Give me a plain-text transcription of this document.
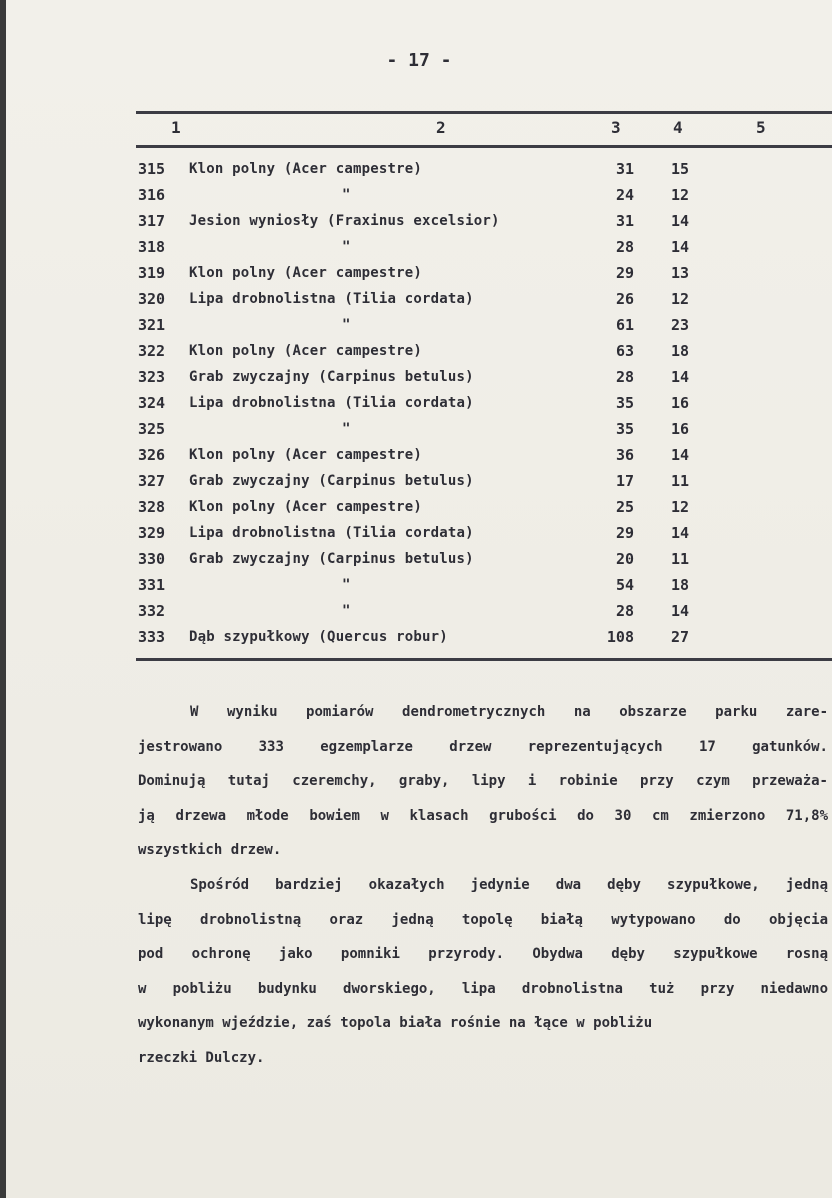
- 17 -
1	2	3	4	5
315 Klon polny (Acer campestre)	31	15
316	"	24	12
317 Jesion wyniosły (Fraxinus excelsior)	31	14
318	"	28	14
319 Klon polny (Acer campestre)	29	13
320 Lipa drobnolistna (Tilia cordata)	26	12
321	"	61	23
322 Klon polny (Acer campestre)	63	18
323 Grab zwyczajny (Carpinus betulus)	28	14
324 Lipa drobnolistna (Tilia cordata)	35	16
325	"	35	16
326 Klon polny (Acer campestre)	36	14
327 Grab zwyczajny (Carpinus betulus)	17	11
328 Klon polny (Acer campestre)	25	12
329 Lipa drobnolistna (Tilia cordata)	29	14
330 Grab zwyczajny (Carpinus betulus)	20	11
331	"	54	18
332	"	28	14
333 Dąb szypułkowy (Quercus robur)	108	27

W wyniku pomiarów dendrometrycznych na obszarze parku zare-
jestrowano 333 egzemplarze drzew reprezentujących 17 gatunków.
Dominują tutaj czeremchy, graby, lipy i robinie przy czym przeważa-
ją drzewa młode bowiem w klasach grubości do 30 cm zmierzono 71,8%
wszystkich drzew.

Spośród bardziej okazałych jedynie dwa dęby szypułkowe, jedną
lipę drobnolistną oraz jedną topolę białą wytypowano do objęcia
pod ochronę jako pomniki przyrody. Obydwa dęby szypułkowe rosną
w pobliżu budynku dworskiego, lipa drobnolistna tuż przy niedawno
wykonanym wjeździe, zaś topola biała rośnie na łące w pobliżu
rzeczki Dulczy.
